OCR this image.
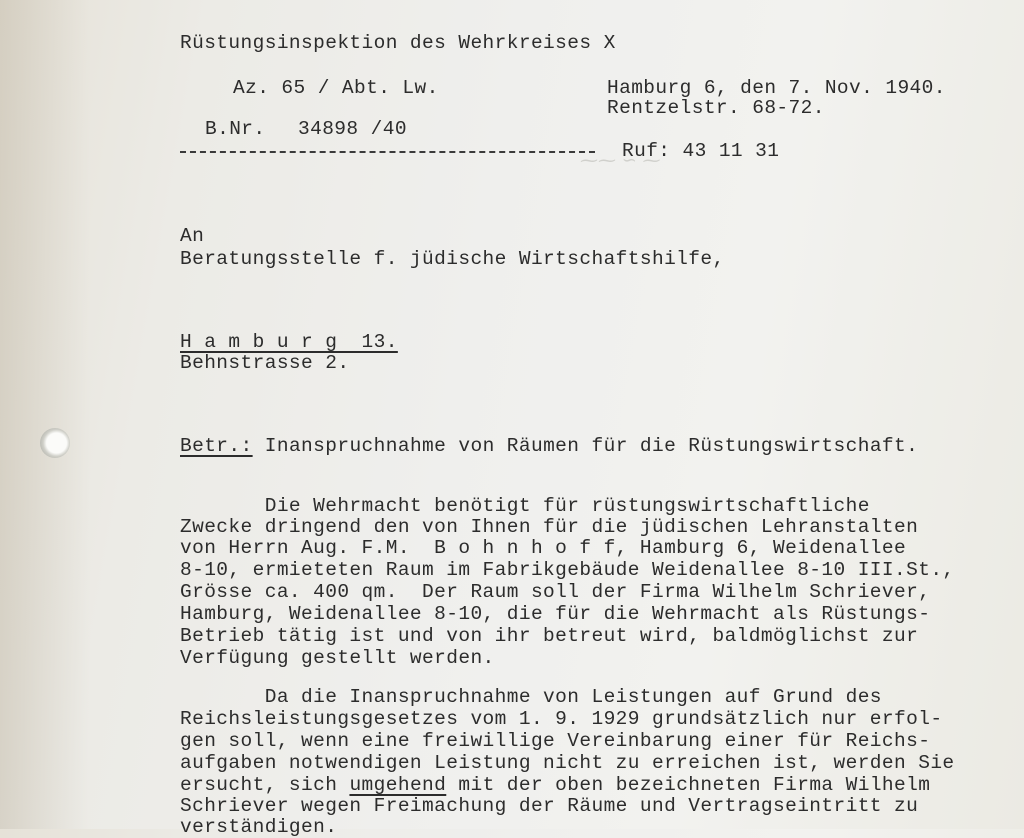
⁓⁓ ∽ ⁓
Rüstungsinspektion des Wehrkreises X
Az. 65 / Abt. Lw.	Hamburg 6, den 7. Nov. 1940.
Rentzelstr. 68-72.
B.Nr. 34898 /40
Ruf: 43 11 31
An
Beratungsstelle f. jüdische Wirtschaftshilfe,
H a m b u r g  13.
Behnstrasse 2.
Betr.: Inanspruchnahme von Räumen für die Rüstungswirtschaft.
Die Wehrmacht benötigt für rüstungswirtschaftliche
Zwecke dringend den von Ihnen für die jüdischen Lehranstalten
von Herrn Aug. F.M.  B o h n h o f f, Hamburg 6, Weidenallee
8-10, ermieteten Raum im Fabrikgebäude Weidenallee 8-10 III.St.,
Grösse ca. 400 qm.  Der Raum soll der Firma Wilhelm Schriever,
Hamburg, Weidenallee 8-10, die für die Wehrmacht als Rüstungs-
Betrieb tätig ist und von ihr betreut wird, baldmöglichst zur
Verfügung gestellt werden.
Da die Inanspruchnahme von Leistungen auf Grund des
Reichsleistungsgesetzes vom 1. 9. 1929 grundsätzlich nur erfol-
gen soll, wenn eine freiwillige Vereinbarung einer für Reichs-
aufgaben notwendigen Leistung nicht zu erreichen ist, werden Sie
ersucht, sich umgehend mit der oben bezeichneten Firma Wilhelm
Schriever wegen Freimachung der Räume und Vertragseintritt zu
verständigen.
